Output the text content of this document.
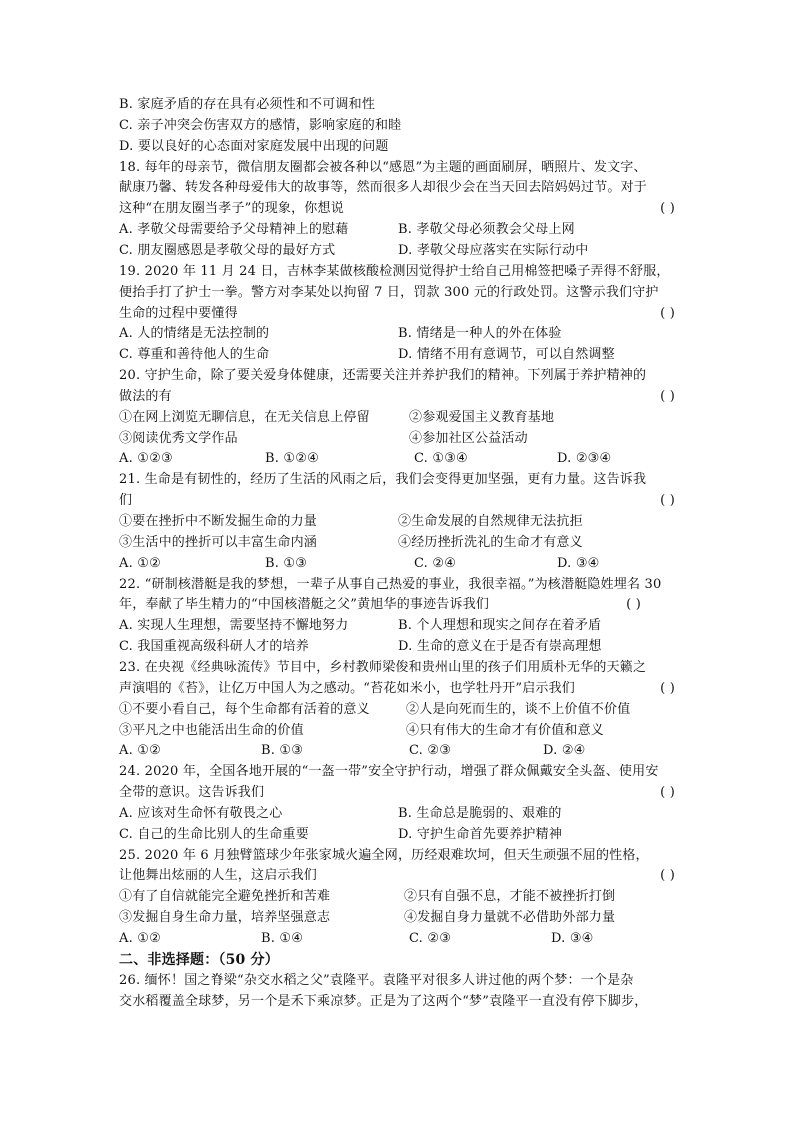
B. 家庭矛盾的存在具有必须性和不可调和性
C. 亲子冲突会伤害双方的感情，影响家庭的和睦
D. 要以良好的心态面对家庭发展中出现的问题
18. 每年的母亲节，微信朋友圈都会被各种以“感恩”为主题的画面刷屏，晒照片、发文字、
献康乃馨、转发各种母爱伟大的故事等，然而很多人却很少会在当天回去陪妈妈过节。对于
这种“在朋友圈当孝子”的现象，你想说	( )
A. 孝敬父母需要给予父母精神上的慰藉	B. 孝敬父母必须教会父母上网
C. 朋友圈感恩是孝敬父母的最好方式	D. 孝敬父母应落实在实际行动中
19. 2020 年 11 月 24 日，吉林李某做核酸检测因觉得护士给自己用棉签把嗓子弄得不舒服，
便抬手打了护士一拳。警方对李某处以拘留 7 日，罚款 300 元的行政处罚。这警示我们守护
生命的过程中要懂得	( )
A. 人的情绪是无法控制的	B. 情绪是一种人的外在体验
C. 尊重和善待他人的生命	D. 情绪不用有意调节，可以自然调整
20. 守护生命，除了要关爱身体健康，还需要关注并养护我们的精神。下列属于养护精神的
做法的有	( )
①在网上浏览无聊信息，在无关信息上停留	②参观爱国主义教育基地
③阅读优秀文学作品	④参加社区公益活动
A. ①②③	B. ①②④	C. ①③④	D. ②③④
21. 生命是有韧性的，经历了生活的风雨之后，我们会变得更加坚强，更有力量。这告诉我
们	( )
①要在挫折中不断发掘生命的力量	②生命发展的自然规律无法抗拒
③生活中的挫折可以丰富生命内涵	④经历挫折洗礼的生命才有意义
A. ①②	B. ①③	C. ②④	D. ③④
22. “研制核潜艇是我的梦想，一辈子从事自己热爱的事业，我很幸福。”为核潜艇隐姓埋名 30
年，奉献了毕生精力的“中国核潜艇之父”黄旭华的事迹告诉我们	( )
A. 实现人生理想，需要坚持不懈地努力	B. 个人理想和现实之间存在着矛盾
C. 我国重视高级科研人才的培养	D. 生命的意义在于是否有崇高理想
23. 在央视《经典咏流传》节目中，乡村教师梁俊和贵州山里的孩子们用质朴无华的天籁之
声演唱的《苔》，让亿万中国人为之感动。“苔花如米小，也学牡丹开”启示我们	( )
①不要小看自己，每个生命都有活着的意义	②人是向死而生的，谈不上价值不价值
③平凡之中也能活出生命的价值	④只有伟大的生命才有价值和意义
A. ①②	B. ①③	C. ②③	D. ②④
24. 2020 年，全国各地开展的“一盔一带”安全守护行动，增强了群众佩戴安全头盔、使用安
全带的意识。这告诉我们	( )
A. 应该对生命怀有敬畏之心	B. 生命总是脆弱的、艰难的
C. 自己的生命比别人的生命重要	D. 守护生命首先要养护精神
25. 2020 年 6 月独臂篮球少年张家城火遍全网，历经艰难坎坷，但天生顽强不屈的性格，
让他舞出炫丽的人生，这启示我们	( )
①有了自信就能完全避免挫折和苦难	②只有自强不息，才能不被挫折打倒
③发掘自身生命力量，培养坚强意志	④发掘自身力量就不必借助外部力量
A. ①②	B. ①④	C. ②③	D. ③④
二、非选择题：（50 分）
26. 缅怀！国之脊梁“杂交水稻之父”袁隆平。袁隆平对很多人讲过他的两个梦：一个是杂
交水稻覆盖全球梦，另一个是禾下乘凉梦。正是为了这两个“梦”袁隆平一直没有停下脚步，
